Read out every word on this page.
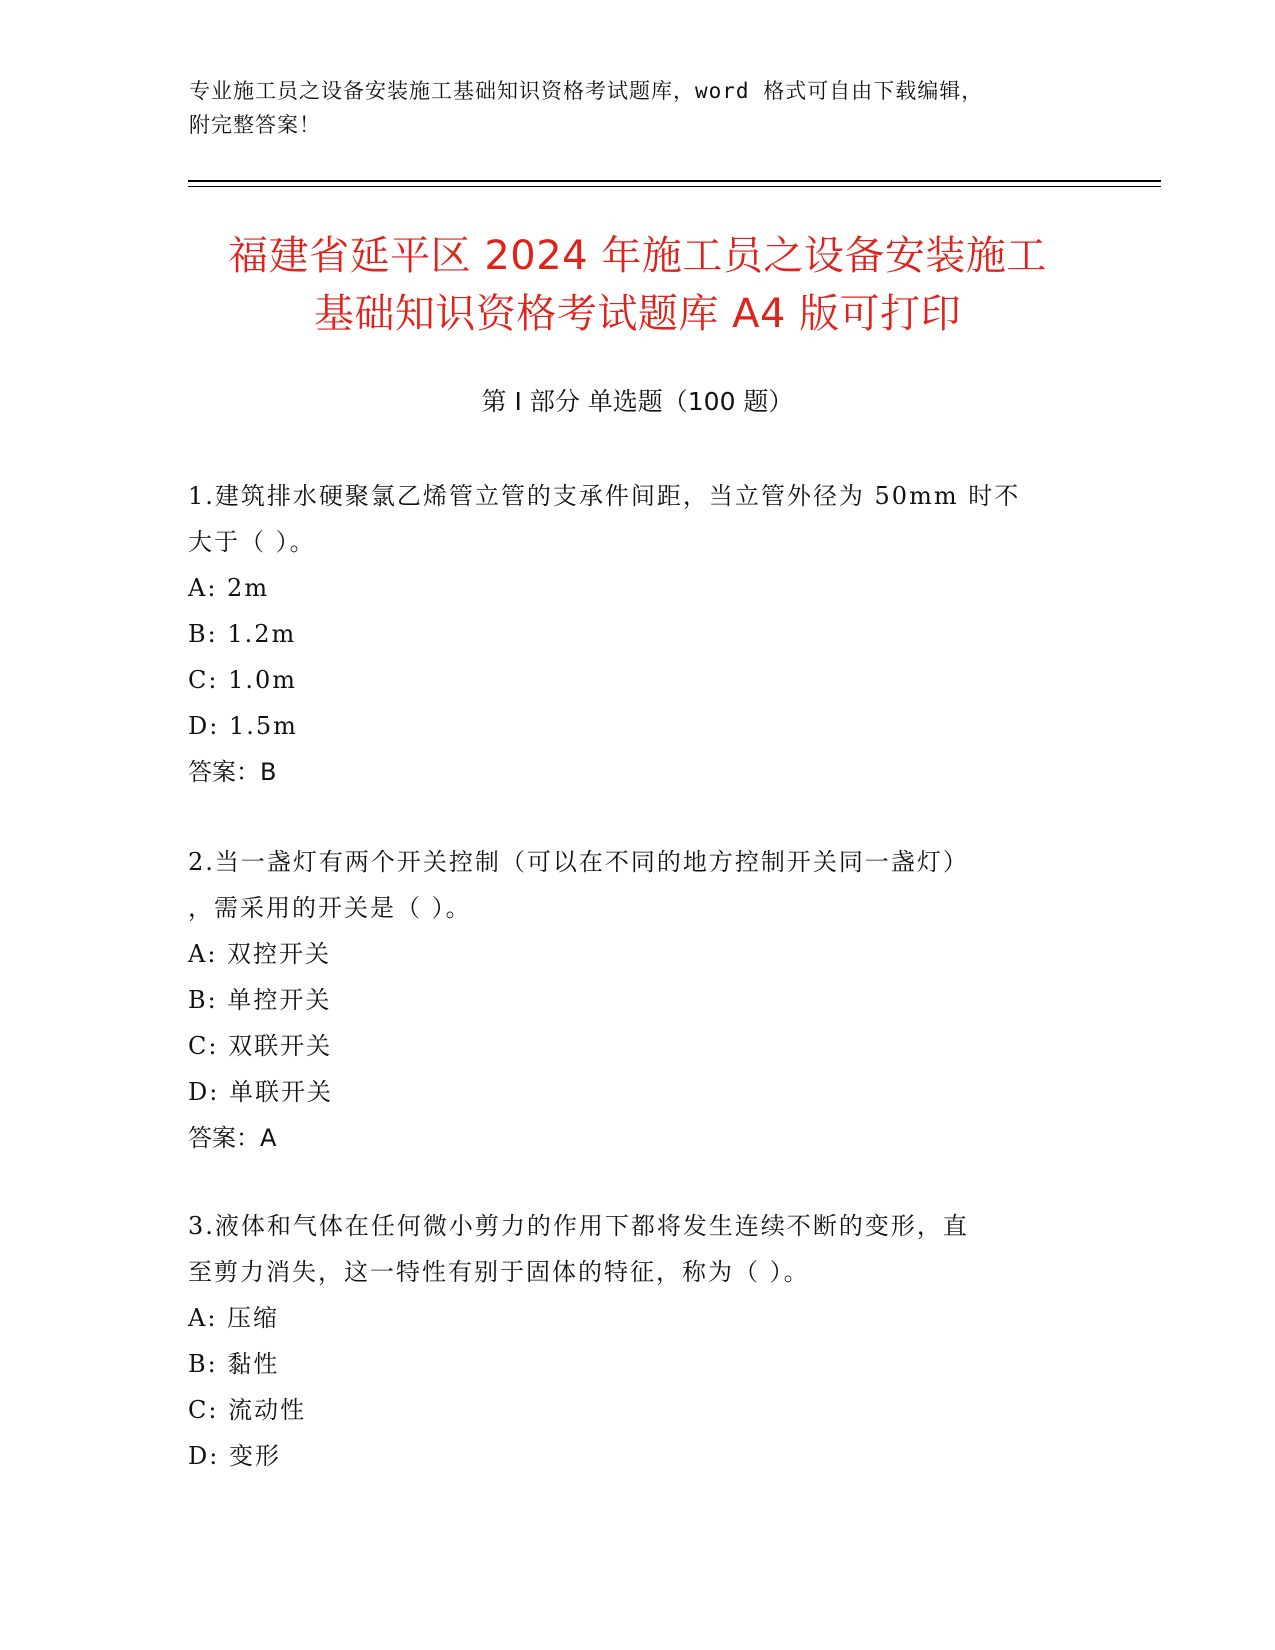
专业施工员之设备安装施工基础知识资格考试题库，word 格式可自由下载编辑，
附完整答案！
福建省延平区 2024 年施工员之设备安装施工
基础知识资格考试题库 A4 版可打印
第 I 部分 单选题（100 题）

1.建筑排水硬聚氯乙烯管立管的支承件间距，当立管外径为 50mm 时不

大于（ ）。

A: 2m

B: 1.2m

C: 1.0m

D: 1.5m

答案：B

2.当一盏灯有两个开关控制（可以在不同的地方控制开关同一盏灯）

，需采用的开关是（ ）。

A: 双控开关

B: 单控开关

C: 双联开关

D: 单联开关

答案：A

3.液体和气体在任何微小剪力的作用下都将发生连续不断的变形，直

至剪力消失，这一特性有别于固体的特征，称为（ ）。

A: 压缩

B: 黏性

C: 流动性

D: 变形
